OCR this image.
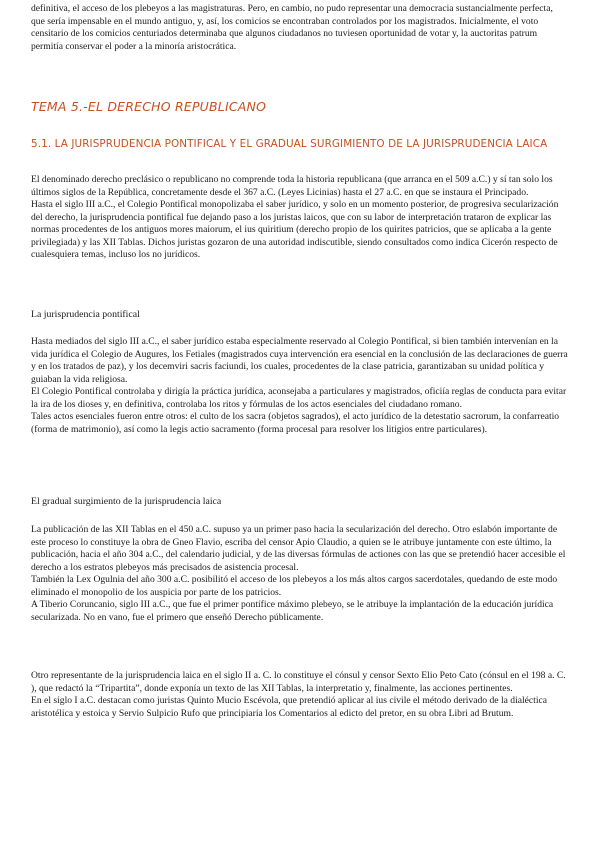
definitiva, el acceso de los plebeyos a las magistraturas. Pero, en cambio, no pudo representar una democracia sustancialmente perfecta, que sería impensable en el mundo antiguo, y, así, los comicios se encontraban controlados por los magistrados. Inicialmente, el voto censitario de los comicios centuriados determinaba que algunos ciudadanos no tuviesen oportunidad de votar y, la auctoritas patrum permitía conservar el poder a la minoría aristocrática.

TEMA 5.-EL DERECHO REPUBLICANO
5.1. LA JURISPRUDENCIA PONTIFICAL Y EL GRADUAL SURGIMIENTO DE LA JURISPRUDENCIA LAICA

El denominado derecho preclásico o republicano no comprende toda la historia republicana (que arranca en el 509 a.C.) y sí tan solo los últimos siglos de la República, concretamente desde el 367 a.C. (Leyes Licinias) hasta el 27 a.C. en que se instaura el Principado.

Hasta el siglo III a.C., el Colegio Pontifical monopolizaba el saber jurídico, y solo en un momento posterior, de progresiva secularización del derecho, la jurisprudencia pontifical fue dejando paso a los juristas laicos, que con su labor de interpretación trataron de explicar las normas procedentes de los antiguos mores maiorum, el ius quiritium (derecho propio de los quirites patricios, que se aplicaba a la gente privilegiada) y las XII Tablas. Dichos juristas gozaron de una autoridad indiscutible, siendo consultados como indica Cicerón respecto de cualesquiera temas, incluso los no jurídicos.

La jurisprudencia pontifical

Hasta mediados del siglo III a.C., el saber jurídico estaba especialmente reservado al Colegio Pontifical, si bien también intervenían en la vida jurídica el Colegio de Augures, los Fetiales (magistrados cuya intervención era esencial en la conclusión de las declaraciones de guerra y en los tratados de paz), y los decemviri sacris faciundi, los cuales, procedentes de la clase patricia, garantizaban su unidad política y guiaban la vida religiosa.

El Colegio Pontifical controlaba y dirigía la práctica jurídica, aconsejaba a particulares y magistrados, oficiía reglas de conducta para evitar la ira de los dioses y, en definitiva, controlaba los ritos y fórmulas de los actos esenciales del ciudadano romano.

Tales actos esenciales fueron entre otros: el culto de los sacra (objetos sagrados), el acto jurídico de la detestatio sacrorum, la confarreatio (forma de matrimonio), así como la legis actio sacramento (forma procesal para resolver los litigios entre particulares).

El gradual surgimiento de la jurisprudencia laica

La publicación de las XII Tablas en el 450 a.C. supuso ya un primer paso hacia la secularización del derecho. Otro eslabón importante de este proceso lo constituye la obra de Gneo Flavio, escriba del censor Apio Claudio, a quien se le atribuye juntamente con este último, la publicación, hacia el año 304 a.C., del calendario judicial, y de las diversas fórmulas de actiones con las que se pretendió hacer accesible el derecho a los estratos plebeyos más precisados de asistencia procesal.

También la Lex Ogulnia del año 300 a.C. posibilitó el acceso de los plebeyos a los más altos cargos sacerdotales, quedando de este modo eliminado el monopolio de los auspicia por parte de los patricios.

A Tiberio Coruncanio, siglo III a.C., que fue el primer pontífice máximo plebeyo, se le atribuye la implantación de la educación jurídica secularizada. No en vano, fue el primero que enseñó Derecho públicamente.

Otro representante de la jurisprudencia laica en el siglo II a. C. lo constituye el cónsul y censor Sexto Elio Peto Cato (cónsul en el 198 a. C. ), que redactó la “Tripartita”, donde exponía un texto de las XII Tablas, la interpretatio y, finalmente, las acciones pertinentes.

En el siglo I a.C. destacan como juristas Quinto Mucio Escévola, que pretendió aplicar al ius civile el método derivado de la dialéctica aristotélica y estoica y Servio Sulpicio Rufo que principiaría los Comentarios al edicto del pretor, en su obra Libri ad Brutum.
